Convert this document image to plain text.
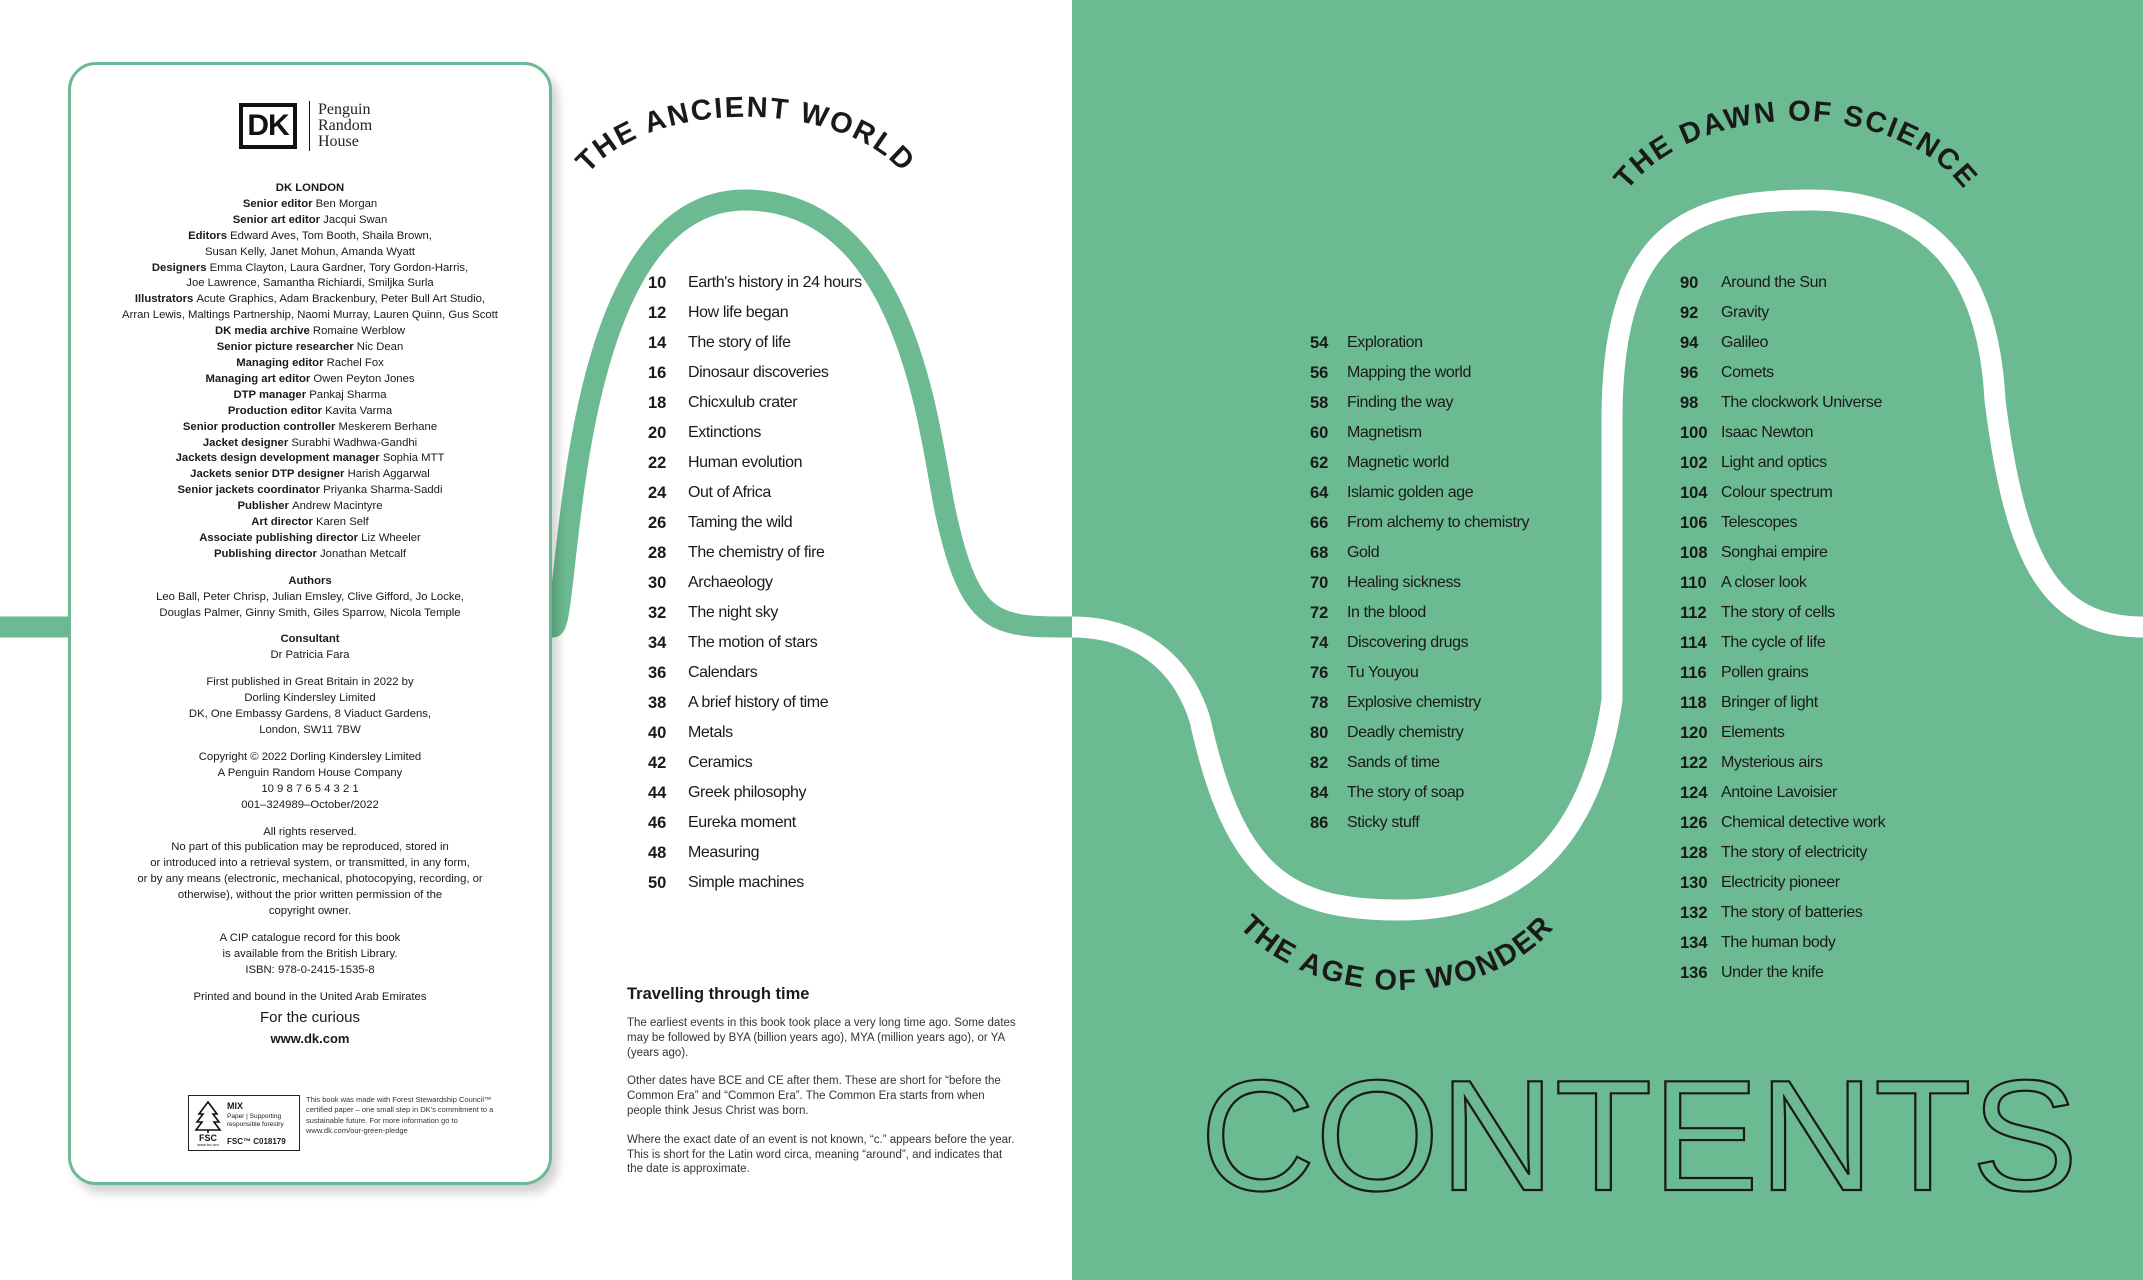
THE ANCIENT WORLD	THE DAWN OF SCIENCE
THE AGE OF WONDER
DK	Penguin
Random
House
DK LONDON
Senior editor Ben Morgan
Senior art editor Jacqui Swan
Editors Edward Aves, Tom Booth, Shaila Brown,
Susan Kelly, Janet Mohun, Amanda Wyatt
Designers Emma Clayton, Laura Gardner, Tory Gordon-Harris,
Joe Lawrence, Samantha Richiardi, Smiljka Surla
Illustrators Acute Graphics, Adam Brackenbury, Peter Bull Art Studio,
Arran Lewis, Maltings Partnership, Naomi Murray, Lauren Quinn, Gus Scott
DK media archive Romaine Werblow
Senior picture researcher Nic Dean
Managing editor Rachel Fox
Managing art editor Owen Peyton Jones
DTP manager Pankaj Sharma
Production editor Kavita Varma
Senior production controller Meskerem Berhane
Jacket designer Surabhi Wadhwa-Gandhi
Jackets design development manager Sophia MTT
Jackets senior DTP designer Harish Aggarwal
Senior jackets coordinator Priyanka Sharma-Saddi
Publisher Andrew Macintyre
Art director Karen Self
Associate publishing director Liz Wheeler
Publishing director Jonathan Metcalf
Authors
Leo Ball, Peter Chrisp, Julian Emsley, Clive Gifford, Jo Locke,
Douglas Palmer, Ginny Smith, Giles Sparrow, Nicola Temple
Consultant
Dr Patricia Fara
First published in Great Britain in 2022 by
Dorling Kindersley Limited
DK, One Embassy Gardens, 8 Viaduct Gardens,
London, SW11 7BW
Copyright © 2022 Dorling Kindersley Limited
A Penguin Random House Company
10 9 8 7 6 5 4 3 2 1
001–324989–October/2022
All rights reserved.
No part of this publication may be reproduced, stored in
or introduced into a retrieval system, or transmitted, in any form,
or by any means (electronic, mechanical, photocopying, recording, or
otherwise), without the prior written permission of the
copyright owner.
A CIP catalogue record for this book
is available from the British Library.
ISBN: 978-0-2415-1535-8
Printed and bound in the United Arab Emirates
For the curious
www.dk.com
FSC
www.fsc.org
MIX
Paper | Supporting responsible forestry
FSC™ C018179
This book was made with Forest Stewardship Council™ certified paper – one small step in DK's commitment to a sustainable future. For more information go to www.dk.com/our-green-pledge
10	Earth's history in 24 hours
12	How life began
14	The story of life
16	Dinosaur discoveries
18	Chicxulub crater
20	Extinctions
22	Human evolution
24	Out of Africa
26	Taming the wild
28	The chemistry of fire
30	Archaeology
32	The night sky
34	The motion of stars
36	Calendars
38	A brief history of time
40	Metals
42	Ceramics
44	Greek philosophy
46	Eureka moment
48	Measuring
50	Simple machines
54	Exploration
56	Mapping the world
58	Finding the way
60	Magnetism
62	Magnetic world
64	Islamic golden age
66	From alchemy to chemistry
68	Gold
70	Healing sickness
72	In the blood
74	Discovering drugs
76	Tu Youyou
78	Explosive chemistry
80	Deadly chemistry
82	Sands of time
84	The story of soap
86	Sticky stuff
90	Around the Sun
92	Gravity
94	Galileo
96	Comets
98	The clockwork Universe
100 Isaac Newton
102 Light and optics
104 Colour spectrum
106 Telescopes
108 Songhai empire
110 A closer look
112 The story of cells
114 The cycle of life
116 Pollen grains
118 Bringer of light
120 Elements
122 Mysterious airs
124 Antoine Lavoisier
126 Chemical detective work
128 The story of electricity
130 Electricity pioneer
132 The story of batteries
134 The human body
136 Under the knife
Travelling through time

The earliest events in this book took place a very long time ago. Some dates may be followed by BYA (billion years ago), MYA (million years ago), or YA (years ago).

Other dates have BCE and CE after them. These are short for “before the Common Era” and “Common Era”. The Common Era starts from when people think Jesus Christ was born.

Where the exact date of an event is not known, “c.” appears before the year. This is short for the Latin word circa, meaning “around”, and indicates that the date is approximate.	CONTENTS
